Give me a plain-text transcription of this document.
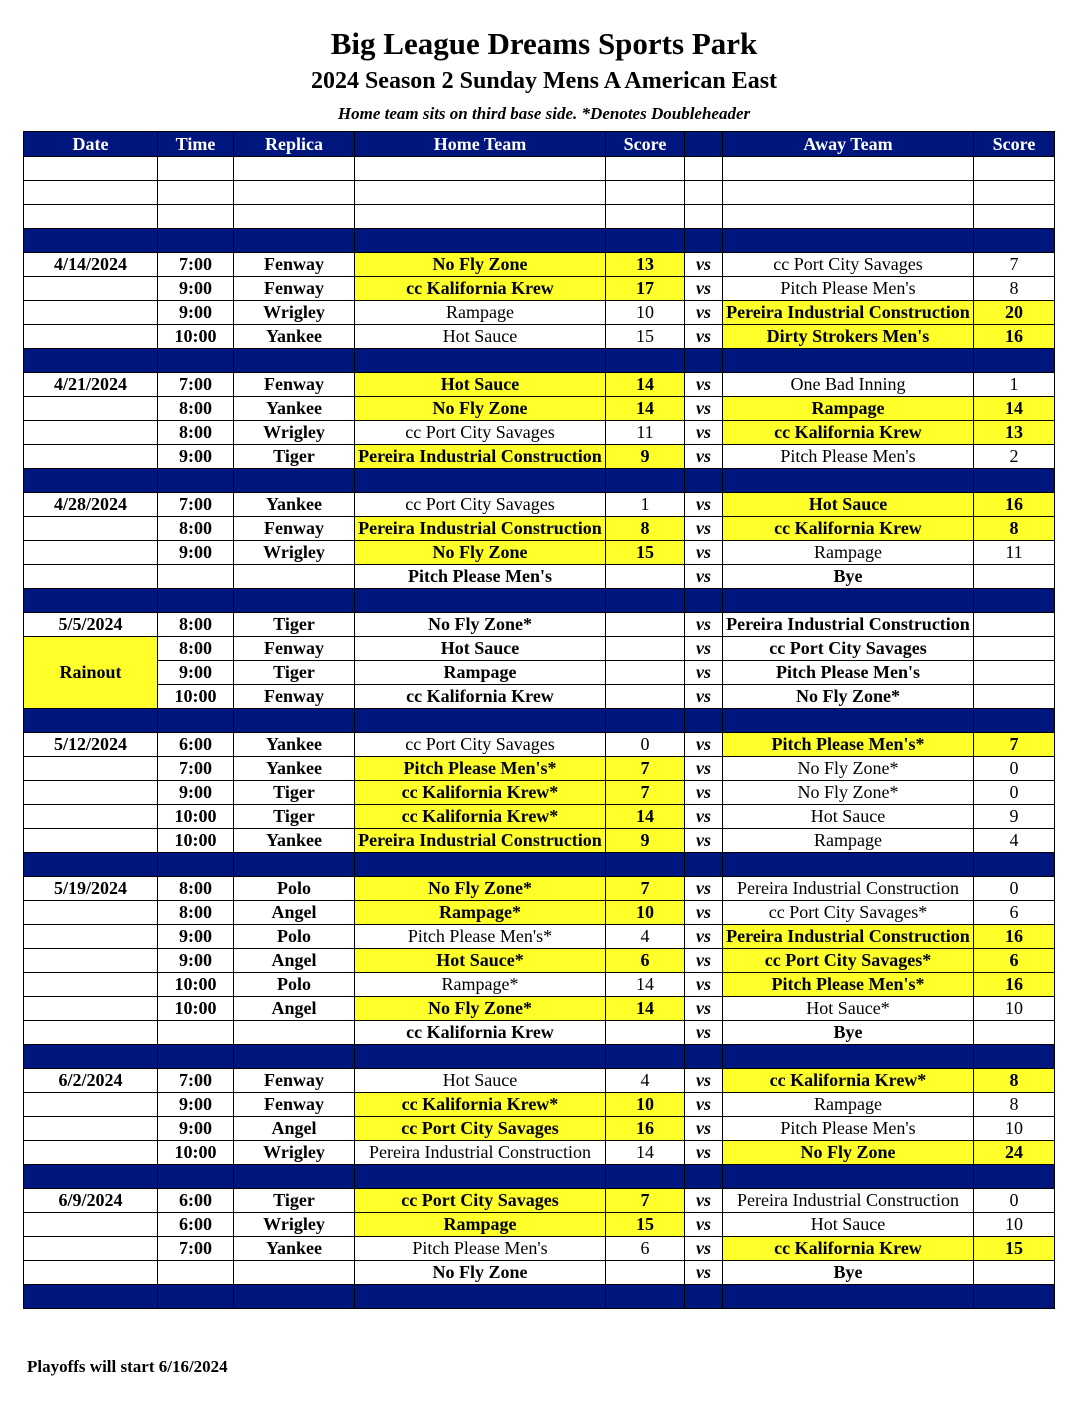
Big League Dreams Sports Park
2024 Season 2 Sunday Mens A American East
Home team sits on third base side. *Denotes Doubleheader
Date	Time	Replica	Home Team	Score		Away Team	Score

4/14/2024	7:00	Fenway	No Fly Zone	13	vs	cc Port City Savages	7
	9:00	Fenway	cc Kalifornia Krew	17	vs	Pitch Please Men's	8
	9:00	Wrigley	Rampage	10	vs	Pereira Industrial Construction	20
	10:00	Yankee	Hot Sauce	15	vs	Dirty Strokers Men's	16

4/21/2024	7:00	Fenway	Hot Sauce	14	vs	One Bad Inning	1
	8:00	Yankee	No Fly Zone	14	vs	Rampage	14
	8:00	Wrigley	cc Port City Savages	11	vs	cc Kalifornia Krew	13
	9:00	Tiger	Pereira Industrial Construction	9	vs	Pitch Please Men's	2

4/28/2024	7:00	Yankee	cc Port City Savages	1	vs	Hot Sauce	16
	8:00	Fenway	Pereira Industrial Construction	8	vs	cc Kalifornia Krew	8
	9:00	Wrigley	No Fly Zone	15	vs	Rampage	11
			Pitch Please Men's		vs	Bye	

5/5/2024	8:00	Tiger	No Fly Zone*		vs	Pereira Industrial Construction	
Rainout	8:00	Fenway	Hot Sauce		vs	cc Port City Savages	
	9:00	Tiger	Rampage		vs	Pitch Please Men's	
	10:00	Fenway	cc Kalifornia Krew		vs	No Fly Zone*	

5/12/2024	6:00	Yankee	cc Port City Savages	0	vs	Pitch Please Men's*	7
	7:00	Yankee	Pitch Please Men's*	7	vs	No Fly Zone*	0
	9:00	Tiger	cc Kalifornia Krew*	7	vs	No Fly Zone*	0
	10:00	Tiger	cc Kalifornia Krew*	14	vs	Hot Sauce	9
	10:00	Yankee	Pereira Industrial Construction	9	vs	Rampage	4

5/19/2024	8:00	Polo	No Fly Zone*	7	vs	Pereira Industrial Construction	0
	8:00	Angel	Rampage*	10	vs	cc Port City Savages*	6
	9:00	Polo	Pitch Please Men's*	4	vs	Pereira Industrial Construction	16
	9:00	Angel	Hot Sauce*	6	vs	cc Port City Savages*	6
	10:00	Polo	Rampage*	14	vs	Pitch Please Men's*	16
	10:00	Angel	No Fly Zone*	14	vs	Hot Sauce*	10
			cc Kalifornia Krew		vs	Bye	

6/2/2024	7:00	Fenway	Hot Sauce	4	vs	cc Kalifornia Krew*	8
	9:00	Fenway	cc Kalifornia Krew*	10	vs	Rampage	8
	9:00	Angel	cc Port City Savages	16	vs	Pitch Please Men's	10
	10:00	Wrigley	Pereira Industrial Construction	14	vs	No Fly Zone	24

6/9/2024	6:00	Tiger	cc Port City Savages	7	vs	Pereira Industrial Construction	0
	6:00	Wrigley	Rampage	15	vs	Hot Sauce	10
	7:00	Yankee	Pitch Please Men's	6	vs	cc Kalifornia Krew	15
			No Fly Zone		vs	Bye	

Playoffs will start 6/16/2024
